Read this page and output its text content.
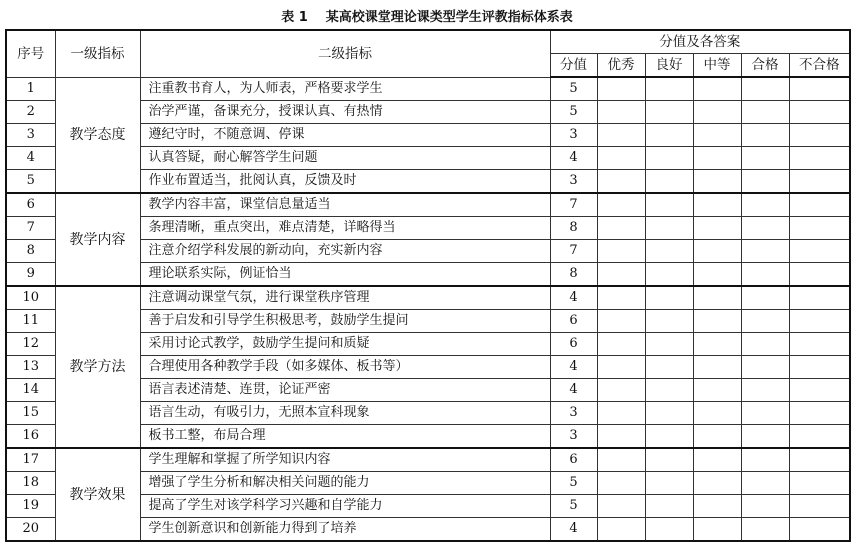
表 1 某高校课堂理论课类型学生评教指标体系表
序号	一级指标	二级指标	分值及各答案					
			分值	优秀	良好	中等	合格	不合格
1	教学态度	注重教书育人，为人师表，严格要求学生	5					
2		治学严谨，备课充分，授课认真、有热情	5					
3		遵纪守时，不随意调、停课	3					
4		认真答疑，耐心解答学生问题	4					
5		作业布置适当，批阅认真，反馈及时	3					
6	教学内容	教学内容丰富，课堂信息量适当	7					
7		条理清晰，重点突出，难点清楚，详略得当	8					
8		注意介绍学科发展的新动向，充实新内容	7					
9		理论联系实际，例证恰当	8					
10	教学方法	注意调动课堂气氛，进行课堂秩序管理	4					
11		善于启发和引导学生积极思考，鼓励学生提问	6					
12		采用讨论式教学，鼓励学生提问和质疑	6					
13		合理使用各种教学手段（如多媒体、板书等）	4					
14		语言表述清楚、连贯，论证严密	4					
15		语言生动，有吸引力，无照本宣科现象	3					
16		板书工整，布局合理	3					
17	教学效果	学生理解和掌握了所学知识内容	6					
18		增强了学生分析和解决相关问题的能力	5					
19		提高了学生对该学科学习兴趣和自学能力	5					
20		学生创新意识和创新能力得到了培养	4					
